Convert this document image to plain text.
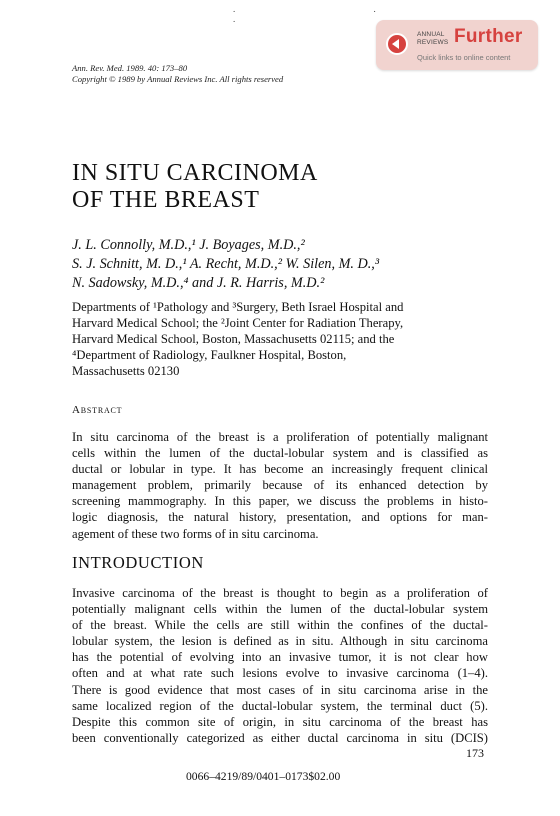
. . .
Ann. Rev. Med. 1989. 40: 173–80
Copyright © 1989 by Annual Reviews Inc. All rights reserved
ANNUAL
REVIEWS Further
Quick links to online content
IN SITU CARCINOMA
OF THE BREAST
J. L. Connolly, M.D.,¹ J. Boyages, M.D.,²
S. J. Schnitt, M. D.,¹ A. Recht, M.D.,² W. Silen, M. D.,³
N. Sadowsky, M.D.,⁴ and J. R. Harris, M.D.²
Departments of ¹Pathology and ³Surgery, Beth Israel Hospital and
Harvard Medical School; the ²Joint Center for Radiation Therapy,
Harvard Medical School, Boston, Massachusetts 02115; and the
⁴Department of Radiology, Faulkner Hospital, Boston,
Massachusetts 02130
Abstract
In situ carcinoma of the breast is a proliferation of potentially malignant
cells within the lumen of the ductal-lobular system and is classified as
ductal or lobular in type. It has become an increasingly frequent clinical
management problem, primarily because of its enhanced detection by
screening mammography. In this paper, we discuss the problems in histo-
logic diagnosis, the natural history, presentation, and options for man-
agement of these two forms of in situ carcinoma.
INTRODUCTION
Invasive carcinoma of the breast is thought to begin as a proliferation of
potentially malignant cells within the lumen of the ductal-lobular system
of the breast. While the cells are still within the confines of the ductal-
lobular system, the lesion is defined as in situ. Although in situ carcinoma
has the potential of evolving into an invasive tumor, it is not clear how
often and at what rate such lesions evolve to invasive carcinoma (1–4).
There is good evidence that most cases of in situ carcinoma arise in the
same localized region of the ductal-lobular system, the terminal duct (5).
Despite this common site of origin, in situ carcinoma of the breast has
been conventionally categorized as either ductal carcinoma in situ (DCIS)
173
0066–4219/89/0401–0173$02.00
